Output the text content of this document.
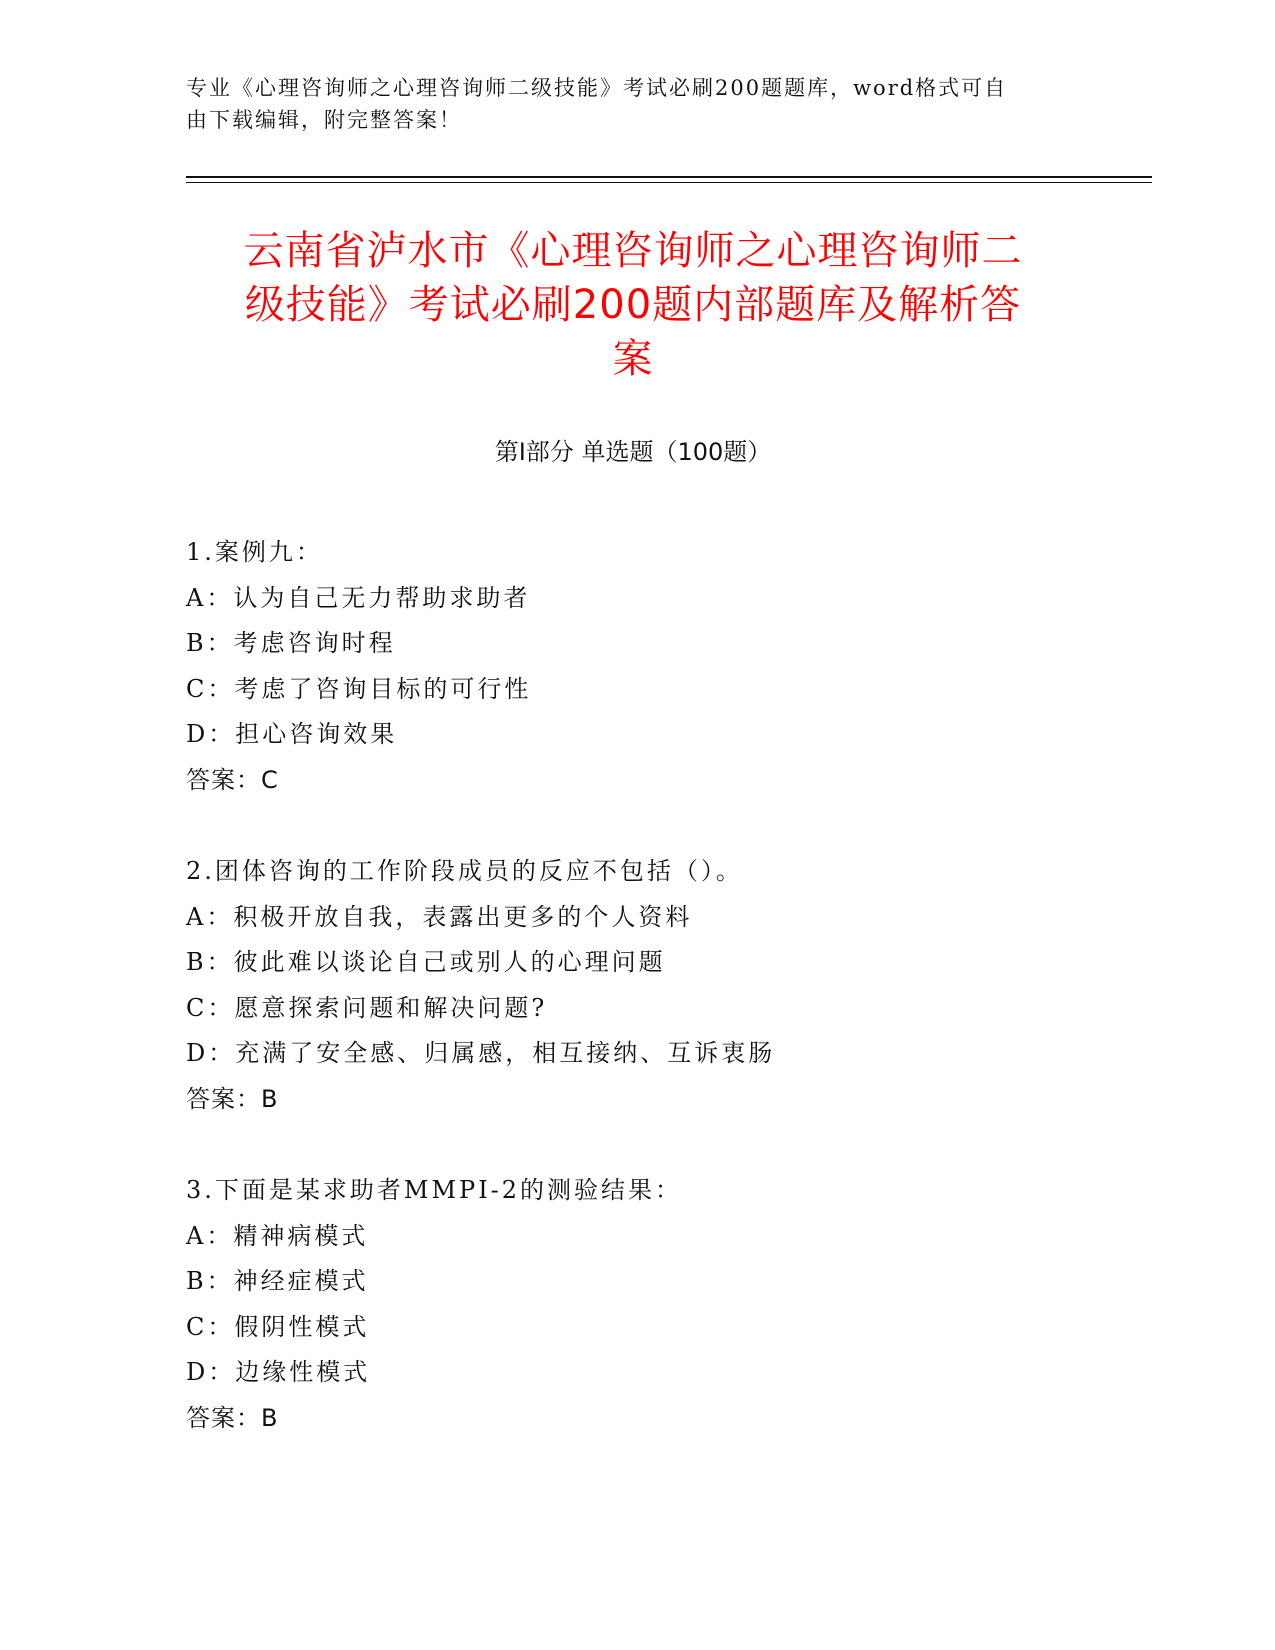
专业《心理咨询师之心理咨询师二级技能》考试必刷200题题库，word格式可自
由下载编辑，附完整答案！
云南省泸水市《心理咨询师之心理咨询师二
级技能》考试必刷200题内部题库及解析答
案
第I部分 单选题（100题）
1.案例九：
A：认为自己无力帮助求助者
B：考虑咨询时程
C：考虑了咨询目标的可行性
D：担心咨询效果
答案：C
2.团体咨询的工作阶段成员的反应不包括（）。
A：积极开放自我，表露出更多的个人资料
B：彼此难以谈论自己或别人的心理问题
C：愿意探索问题和解决问题?
D：充满了安全感、归属感，相互接纳、互诉衷肠
答案：B
3.下面是某求助者MMPI-2的测验结果：
A：精神病模式
B：神经症模式
C：假阴性模式
D：边缘性模式
答案：B
